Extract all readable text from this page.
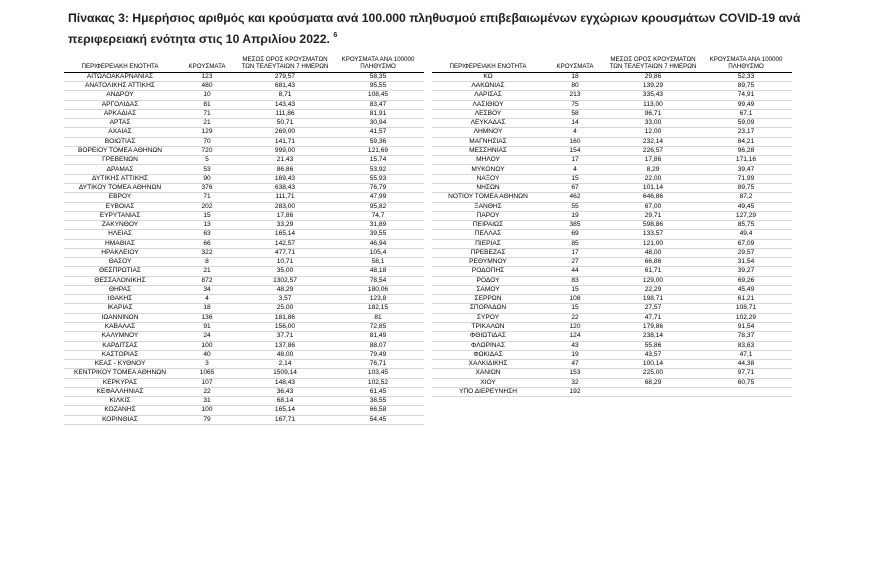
Πίνακας 3: Ημερήσιος αριθμός και κρούσματα ανά 100.000 πληθυσμού επιβεβαιωμένων εγχώριων κρουσμάτων COVID-19 ανά περιφερειακή ενότητα στις 10 Απριλίου 2022. $^6$
ΠΕΡΙΦΕΡΕΙΑΚΗ ΕΝΟΤΗΤΑ	ΚΡΟΥΣΜΑΤΑ	ΜΕΣΟΣ ΟΡΟΣ ΚΡΟΥΣΜΑΤΩΝ ΤΩΝ ΤΕΛΕΥΤΑΙΩΝ 7 ΗΜΕΡΩΝ	ΚΡΟΥΣΜΑΤΑ ΑΝΑ 100000 ΠΛΗΘΥΣΜΟ
ΑΙΤΩΛΟΑΚΑΡΝΑΝΙΑΣ	123	279,57	58,35
ΑΝΑΤΟΛΙΚΗΣ ΑΤΤΙΚΗΣ	480	681,43	95,55
ΑΝΔΡΟΥ	10	8,71	108,45
ΑΡΓΟΛΙΔΑΣ	81	143,43	83,47
ΑΡΚΑΔΙΑΣ	71	111,86	81,91
ΑΡΤΑΣ	21	50,71	30,94
ΑΧΑΪΑΣ	129	269,00	41,57
ΒΟΙΩΤΙΑΣ	70	141,71	59,36
ΒΟΡΕΙΟΥ ΤΟΜΕΑ ΑΘΗΝΩΝ	720	999,00	121,69
ΓΡΕΒΕΝΩΝ	5	21,43	15,74
ΔΡΑΜΑΣ	53	86,86	53,92
ΔΥΤΙΚΗΣ ΑΤΤΙΚΗΣ	90	169,43	55,93
ΔΥΤΙΚΟΥ ΤΟΜΕΑ ΑΘΗΝΩΝ	376	638,43	76,79
ΕΒΡΟΥ	71	111,71	47,99
ΕΥΒΟΙΑΣ	202	283,00	95,82
ΕΥΡΥΤΑΝΙΑΣ	15	17,86	74,7
ΖΑΚΥΝΘΟΥ	13	33,29	31,89
ΗΛΕΙΑΣ	63	165,14	39,55
ΗΜΑΘΙΑΣ	66	142,57	46,94
ΗΡΑΚΛΕΙΟΥ	322	477,71	105,4
ΘΑΣΟΥ	8	10,71	58,1
ΘΕΣΠΡΩΤΙΑΣ	21	35,00	48,18
ΘΕΣΣΑΛΟΝΙΚΗΣ	872	1302,57	78,54
ΘΗΡΑΣ	34	48,29	180,06
ΙΘΑΚΗΣ	4	3,57	123,8
ΙΚΑΡΙΑΣ	18	25,00	182,15
ΙΩΑΝΝΙΝΩΝ	136	181,86	81
ΚΑΒΑΛΑΣ	91	156,00	72,85
ΚΑΛΥΜΝΟΥ	24	37,71	81,49
ΚΑΡΔΙΤΣΑΣ	100	137,86	88,07
ΚΑΣΤΟΡΙΑΣ	40	48,00	79,49
ΚΕΑΣ - ΚΥΘΝΟΥ	3	2,14	76,71
ΚΕΝΤΡΙΚΟΥ ΤΟΜΕΑ ΑΘΗΝΩΝ	1065	1509,14	103,45
ΚΕΡΚΥΡΑΣ	107	148,43	102,52
ΚΕΦΑΛΛΗΝΙΑΣ	22	36,43	61,45
ΚΙΛΚΙΣ	31	68,14	38,55
ΚΟΖΑΝΗΣ	100	165,14	66,58
ΚΟΡΙΝΘΙΑΣ	79	167,71	54,45
ΠΕΡΙΦΕΡΕΙΑΚΗ ΕΝΟΤΗΤΑ	ΚΡΟΥΣΜΑΤΑ	ΜΕΣΟΣ ΟΡΟΣ ΚΡΟΥΣΜΑΤΩΝ ΤΩΝ ΤΕΛΕΥΤΑΙΩΝ 7 ΗΜΕΡΩΝ	ΚΡΟΥΣΜΑΤΑ ΑΝΑ 100000 ΠΛΗΘΥΣΜΟ
ΚΩ	18	29,86	52,33
ΛΑΚΩΝΙΑΣ	80	139,29	89,75
ΛΑΡΙΣΑΣ	213	335,43	74,91
ΛΑΣΙΘΙΟΥ	75	113,00	99,49
ΛΕΣΒΟΥ	58	96,71	67,1
ΛΕΥΚΑΔΑΣ	14	33,00	59,09
ΛΗΜΝΟΥ	4	12,00	23,17
ΜΑΓΝΗΣΙΑΣ	160	232,14	84,21
ΜΕΣΣΗΝΙΑΣ	154	226,57	96,28
ΜΗΛΟΥ	17	17,86	171,16
ΜΥΚΟΝΟΥ	4	8,29	39,47
ΝΑΞΟΥ	15	22,00	71,99
ΝΗΣΩΝ	67	101,14	89,75
ΝΟΤΙΟΥ ΤΟΜΕΑ ΑΘΗΝΩΝ	462	646,86	87,2
ΞΑΝΘΗΣ	55	67,00	49,45
ΠΑΡΟΥ	19	29,71	127,29
ΠΕΙΡΑΙΩΣ	385	598,86	85,75
ΠΕΛΛΑΣ	69	133,57	49,4
ΠΙΕΡΙΑΣ	85	121,00	67,09
ΠΡΕΒΕΖΑΣ	17	48,00	29,57
ΡΕΘΥΜΝΟΥ	27	66,86	31,54
ΡΟΔΟΠΗΣ	44	61,71	39,27
ΡΟΔΟΥ	83	129,00	69,26
ΣΑΜΟΥ	15	22,29	45,49
ΣΕΡΡΩΝ	108	198,71	61,21
ΣΠΟΡΑΔΩΝ	15	27,57	108,71
ΣΥΡΟΥ	22	47,71	102,29
ΤΡΙΚΑΛΩΝ	120	179,86	91,54
ΦΘΙΩΤΙΔΑΣ	124	238,14	78,37
ΦΛΩΡΙΝΑΣ	43	55,86	83,63
ΦΩΚΙΔΑΣ	19	43,57	47,1
ΧΑΛΚΙΔΙΚΗΣ	47	100,14	44,38
ΧΑΝΙΩΝ	153	225,00	97,71
ΧΙΟΥ	32	68,29	60,75
ΥΠΟ ΔΙΕΡΕΥΝΗΣΗ	192		
